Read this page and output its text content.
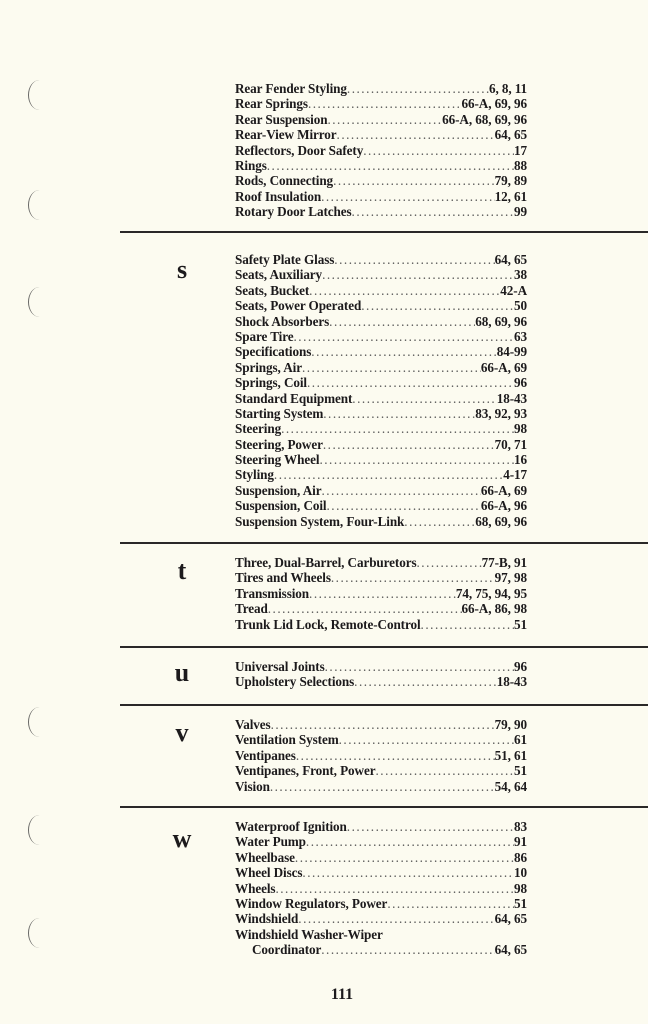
Rear Fender Styling .....	6, 8, 11
Rear Springs .....	66-A, 69, 96
Rear Suspension .....	66-A, 68, 69, 96
Rear-View Mirror .....	64, 65
Reflectors, Door Safety .....	17
Rings .....	88
Rods, Connecting .....	79, 89
Roof Insulation .....	12, 61
Rotary Door Latches .....	99
s	Safety Plate Glass .....	64, 65
Seats, Auxiliary .....	38
Seats, Bucket .....	42-A
Seats, Power Operated .....	50
Shock Absorbers .....	68, 69, 96
Spare Tire .....	63
Specifications .....	84-99
Springs, Air .....	66-A, 69
Springs, Coil .....	96
Standard Equipment .....	18-43
Starting System .....	83, 92, 93
Steering .....	98
Steering, Power .....	70, 71
Steering Wheel .....	16
Styling .....	4-17
Suspension, Air .....	66-A, 69
Suspension, Coil .....	66-A, 96
Suspension System, Four-Link .....	68, 69, 96
t	Three, Dual-Barrel, Carburetors .....	77-B, 91
Tires and Wheels .....	97, 98
Transmission .....	74, 75, 94, 95
Tread .....	66-A, 86, 98
Trunk Lid Lock, Remote-Control .....	51
u	Universal Joints .....	96
Upholstery Selections .....	18-43
v	Valves .....	79, 90
Ventilation System .....	61
Ventipanes .....	51, 61
Ventipanes, Front, Power .....	51
Vision .....	54, 64
w	Waterproof Ignition .....	83
Water Pump .....	91
Wheelbase .....	86
Wheel Discs .....	10
Wheels .....	98
Window Regulators, Power .....	51
Windshield .....	64, 65
Windshield Washer-Wiper
Coordinator .....	64, 65
111
